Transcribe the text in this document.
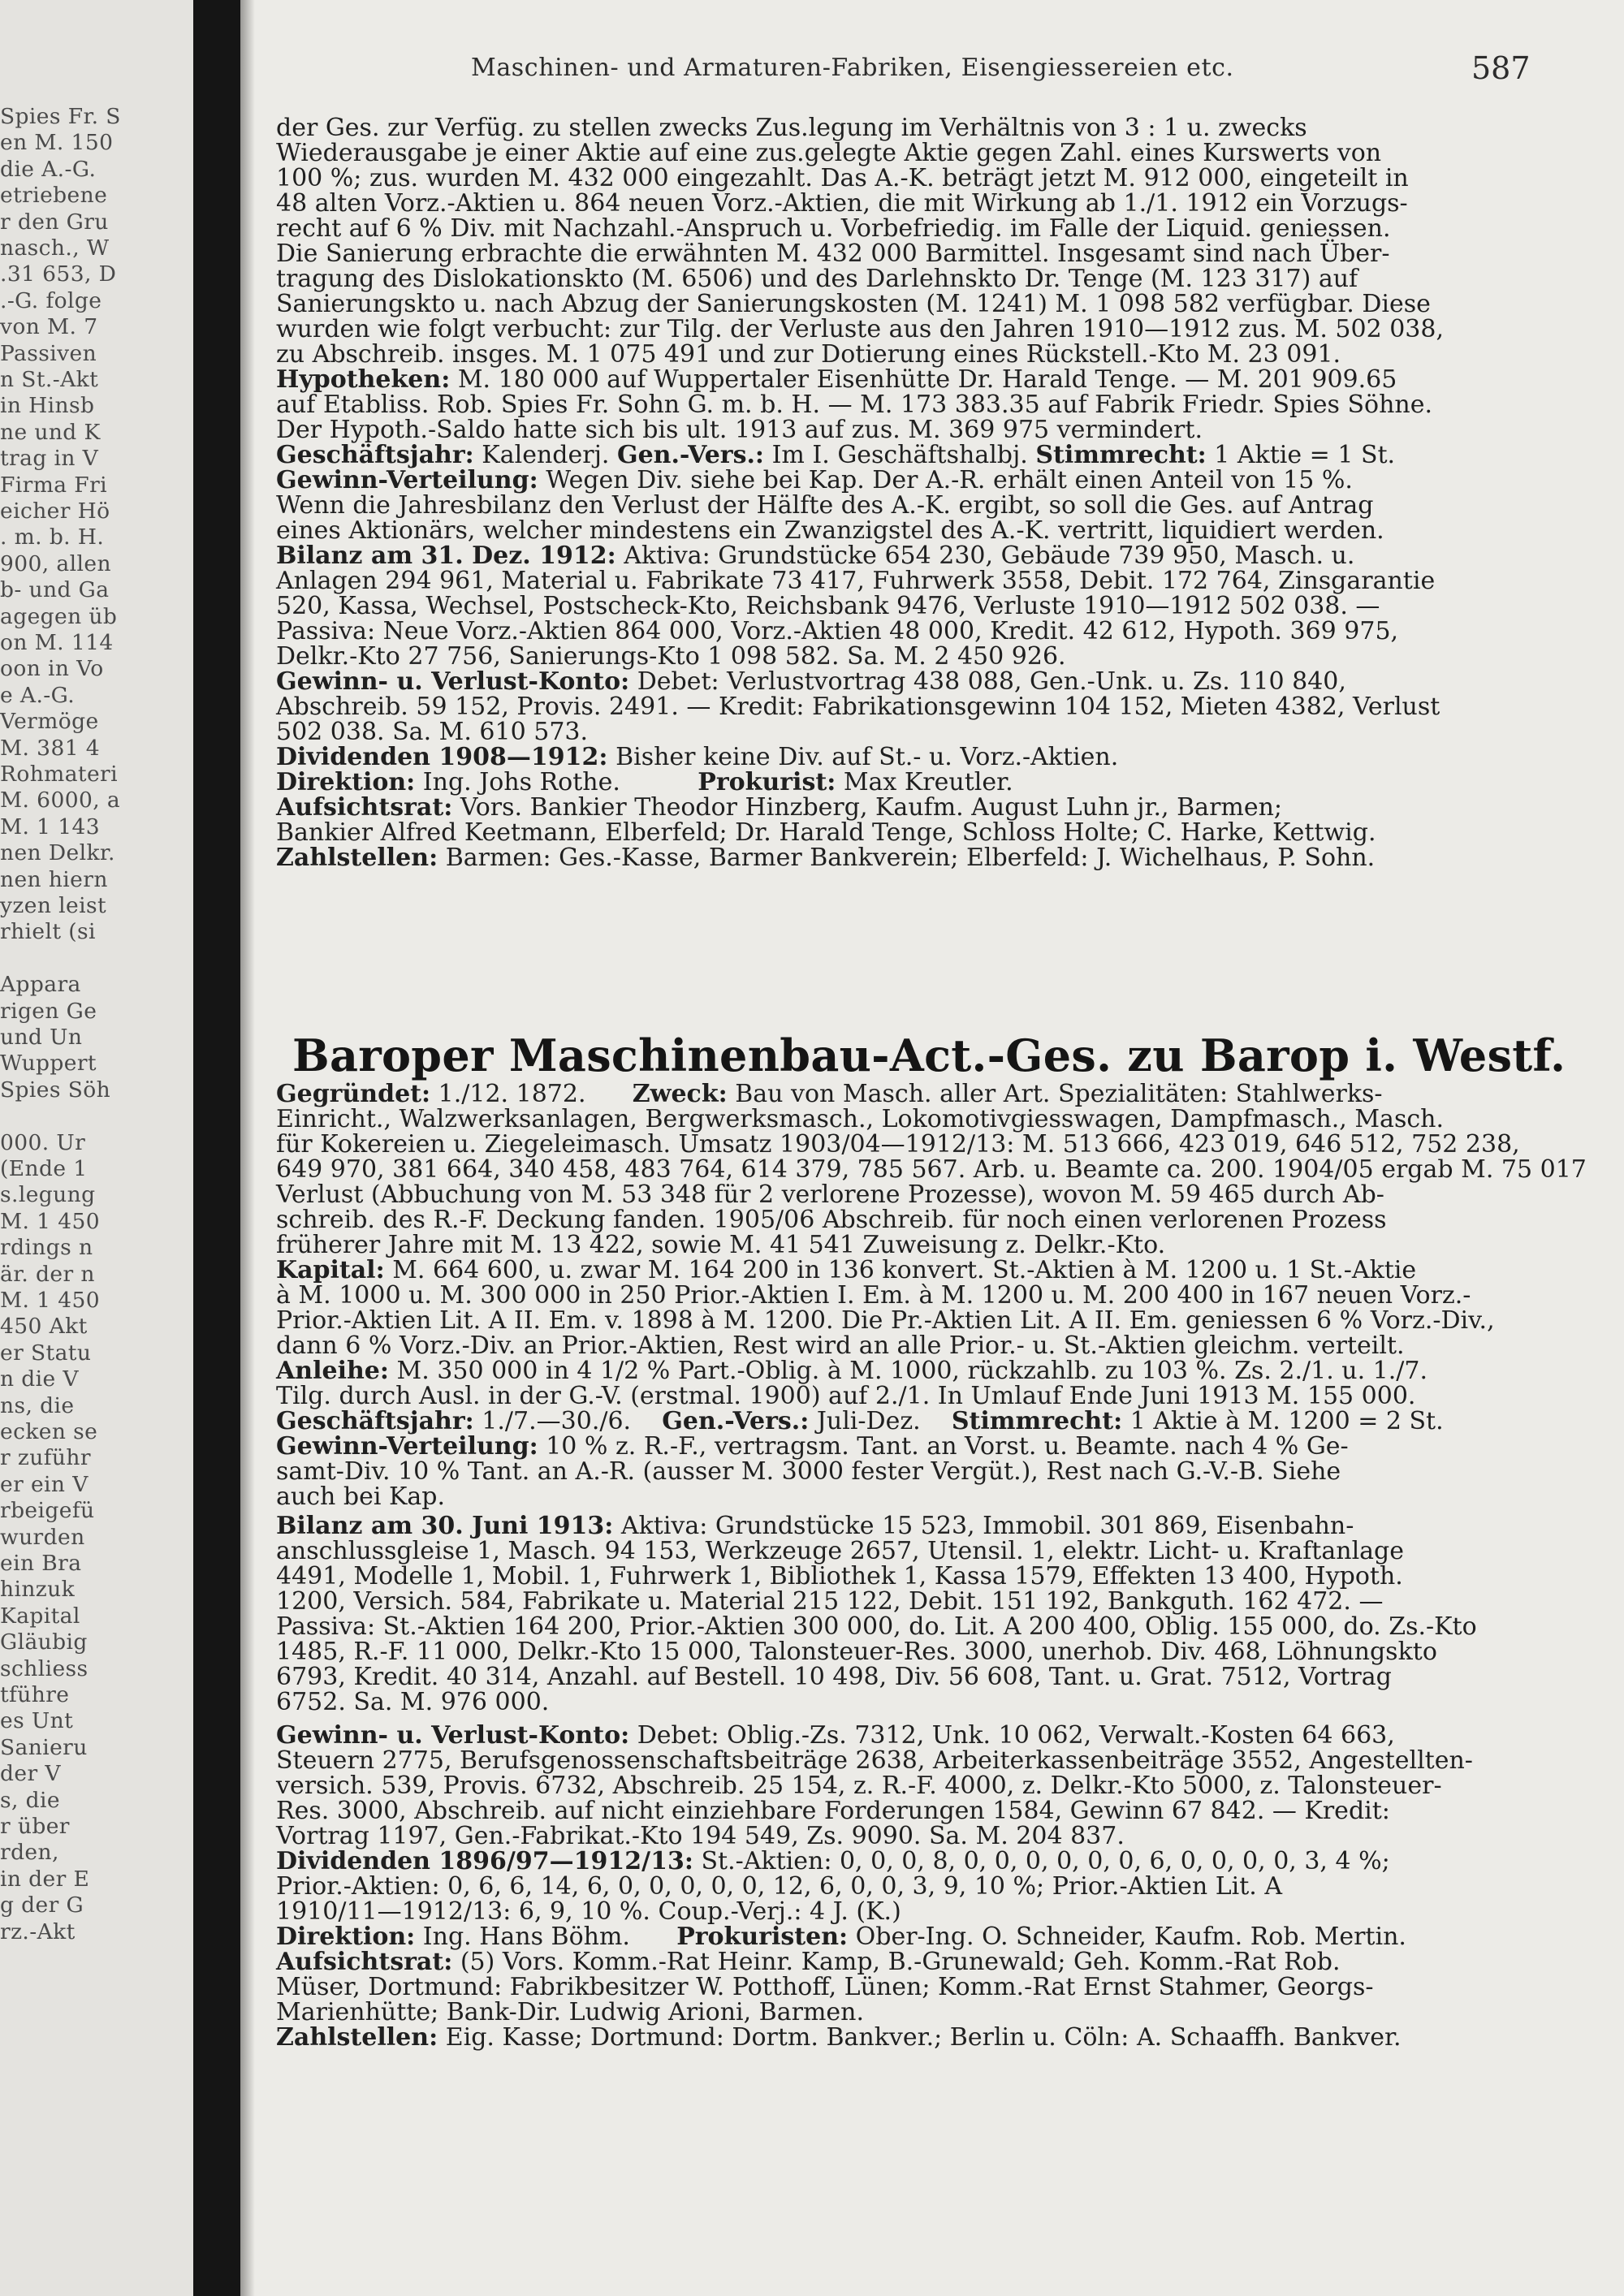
Spies Fr. S
en M. 150
die A.-G.
etriebene
r den Gru
nasch., W
.31 653, D
.-G. folge
von M. 7
Passiven
n St.-Akt
in Hinsb
ne und K
trag in V
Firma Fri
eicher Hö
. m. b. H.
900, allen
b- und Ga
agegen üb
on M. 114
oon in Vo
e A.-G.
Vermöge
M. 381 4
Rohmateri
M. 6000, a
M. 1 143
nen Delkr.
nen hiern
yzen leist
rhielt (si
Appara
rigen Ge
und Un
Wuppert
Spies Söh
000. Ur
(Ende 1
s.legung
M. 1 450
rdings n
är. der n
M. 1 450
450 Akt
er Statu
n die V
ns, die
ecken se
r zuführ
er ein V
rbeigefü
wurden
ein Bra
hinzuk
Kapital
Gläubig
schliess
tführe
es Unt
Sanieru
der V
s, die
r über
rden,
in der E
g der G
rz.-Akt
Maschinen- und Armaturen-Fabriken, Eisengiessereien etc.	587
der Ges. zur Verfüg. zu stellen zwecks Zus.legung im Verhältnis von 3 : 1 u. zwecks
Wiederausgabe je einer Aktie auf eine zus.gelegte Aktie gegen Zahl. eines Kurswerts von
100 %; zus. wurden M. 432 000 eingezahlt. Das A.-K. beträgt jetzt M. 912 000, eingeteilt in
48 alten Vorz.-Aktien u. 864 neuen Vorz.-Aktien, die mit Wirkung ab 1./1. 1912 ein Vorzugs-
recht auf 6 % Div. mit Nachzahl.-Anspruch u. Vorbefriedig. im Falle der Liquid. geniessen.
Die Sanierung erbrachte die erwähnten M. 432 000 Barmittel. Insgesamt sind nach Über-
tragung des Dislokationskto (M. 6506) und des Darlehnskto Dr. Tenge (M. 123 317) auf
Sanierungskto u. nach Abzug der Sanierungskosten (M. 1241) M. 1 098 582 verfügbar. Diese
wurden wie folgt verbucht: zur Tilg. der Verluste aus den Jahren 1910—1912 zus. M. 502 038,
zu Abschreib. insges. M. 1 075 491 und zur Dotierung eines Rückstell.-Kto M. 23 091.
Hypotheken: M. 180 000 auf Wuppertaler Eisenhütte Dr. Harald Tenge. — M. 201 909.65
auf Etabliss. Rob. Spies Fr. Sohn G. m. b. H. — M. 173 383.35 auf Fabrik Friedr. Spies Söhne.
Der Hypoth.-Saldo hatte sich bis ult. 1913 auf zus. M. 369 975 vermindert.
Geschäftsjahr: Kalenderj. Gen.-Vers.: Im I. Geschäftshalbj. Stimmrecht: 1 Aktie = 1 St.
Gewinn-Verteilung: Wegen Div. siehe bei Kap. Der A.-R. erhält einen Anteil von 15 %.
Wenn die Jahresbilanz den Verlust der Hälfte des A.-K. ergibt, so soll die Ges. auf Antrag
eines Aktionärs, welcher mindestens ein Zwanzigstel des A.-K. vertritt, liquidiert werden.
Bilanz am 31. Dez. 1912: Aktiva: Grundstücke 654 230, Gebäude 739 950, Masch. u.
Anlagen 294 961, Material u. Fabrikate 73 417, Fuhrwerk 3558, Debit. 172 764, Zinsgarantie
520, Kassa, Wechsel, Postscheck-Kto, Reichsbank 9476, Verluste 1910—1912 502 038. —
Passiva: Neue Vorz.-Aktien 864 000, Vorz.-Aktien 48 000, Kredit. 42 612, Hypoth. 369 975,
Delkr.-Kto 27 756, Sanierungs-Kto 1 098 582. Sa. M. 2 450 926.
Gewinn- u. Verlust-Konto: Debet: Verlustvortrag 438 088, Gen.-Unk. u. Zs. 110 840,
Abschreib. 59 152, Provis. 2491. — Kredit: Fabrikationsgewinn 104 152, Mieten 4382, Verlust
502 038. Sa. M. 610 573.
Dividenden 1908—1912: Bisher keine Div. auf St.- u. Vorz.-Aktien.
Direktion: Ing. Johs Rothe.	Prokurist: Max Kreutler.
Aufsichtsrat: Vors. Bankier Theodor Hinzberg, Kaufm. August Luhn jr., Barmen;
Bankier Alfred Keetmann, Elberfeld; Dr. Harald Tenge, Schloss Holte; C. Harke, Kettwig.
Zahlstellen: Barmen: Ges.-Kasse, Barmer Bankverein; Elberfeld: J. Wichelhaus, P. Sohn.
Baroper Maschinenbau-Act.-Ges. zu Barop i. Westf.
Gegründet: 1./12. 1872. Zweck: Bau von Masch. aller Art. Spezialitäten: Stahlwerks-
Einricht., Walzwerksanlagen, Bergwerksmasch., Lokomotivgiesswagen, Dampfmasch., Masch.
für Kokereien u. Ziegeleimasch. Umsatz 1903/04—1912/13: M. 513 666, 423 019, 646 512, 752 238,
649 970, 381 664, 340 458, 483 764, 614 379, 785 567. Arb. u. Beamte ca. 200. 1904/05 ergab M. 75 017
Verlust (Abbuchung von M. 53 348 für 2 verlorene Prozesse), wovon M. 59 465 durch Ab-
schreib. des R.-F. Deckung fanden. 1905/06 Abschreib. für noch einen verlorenen Prozess
früherer Jahre mit M. 13 422, sowie M. 41 541 Zuweisung z. Delkr.-Kto.
Kapital: M. 664 600, u. zwar M. 164 200 in 136 konvert. St.-Aktien à M. 1200 u. 1 St.-Aktie
à M. 1000 u. M. 300 000 in 250 Prior.-Aktien I. Em. à M. 1200 u. M. 200 400 in 167 neuen Vorz.-
Prior.-Aktien Lit. A II. Em. v. 1898 à M. 1200. Die Pr.-Aktien Lit. A II. Em. geniessen 6 % Vorz.-Div.,
dann 6 % Vorz.-Div. an Prior.-Aktien, Rest wird an alle Prior.- u. St.-Aktien gleichm. verteilt.
Anleihe: M. 350 000 in 4 1/2 % Part.-Oblig. à M. 1000, rückzahlb. zu 103 %. Zs. 2./1. u. 1./7.
Tilg. durch Ausl. in der G.-V. (erstmal. 1900) auf 2./1. In Umlauf Ende Juni 1913 M. 155 000.
Geschäftsjahr: 1./7.—30./6. Gen.-Vers.: Juli-Dez. Stimmrecht: 1 Aktie à M. 1200 = 2 St.
Gewinn-Verteilung: 10 % z. R.-F., vertragsm. Tant. an Vorst. u. Beamte. nach 4 % Ge-
samt-Div. 10 % Tant. an A.-R. (ausser M. 3000 fester Vergüt.), Rest nach G.-V.-B. Siehe
auch bei Kap.
Bilanz am 30. Juni 1913: Aktiva: Grundstücke 15 523, Immobil. 301 869, Eisenbahn-
anschlussgleise 1, Masch. 94 153, Werkzeuge 2657, Utensil. 1, elektr. Licht- u. Kraftanlage
4491, Modelle 1, Mobil. 1, Fuhrwerk 1, Bibliothek 1, Kassa 1579, Effekten 13 400, Hypoth.
1200, Versich. 584, Fabrikate u. Material 215 122, Debit. 151 192, Bankguth. 162 472. —
Passiva: St.-Aktien 164 200, Prior.-Aktien 300 000, do. Lit. A 200 400, Oblig. 155 000, do. Zs.-Kto
1485, R.-F. 11 000, Delkr.-Kto 15 000, Talonsteuer-Res. 3000, unerhob. Div. 468, Löhnungskto
6793, Kredit. 40 314, Anzahl. auf Bestell. 10 498, Div. 56 608, Tant. u. Grat. 7512, Vortrag
6752. Sa. M. 976 000.
Gewinn- u. Verlust-Konto: Debet: Oblig.-Zs. 7312, Unk. 10 062, Verwalt.-Kosten 64 663,
Steuern 2775, Berufsgenossenschaftsbeiträge 2638, Arbeiterkassenbeiträge 3552, Angestellten-
versich. 539, Provis. 6732, Abschreib. 25 154, z. R.-F. 4000, z. Delkr.-Kto 5000, z. Talonsteuer-
Res. 3000, Abschreib. auf nicht einziehbare Forderungen 1584, Gewinn 67 842. — Kredit:
Vortrag 1197, Gen.-Fabrikat.-Kto 194 549, Zs. 9090. Sa. M. 204 837.
Dividenden 1896/97—1912/13: St.-Aktien: 0, 0, 0, 8, 0, 0, 0, 0, 0, 0, 6, 0, 0, 0, 0, 3, 4 %;
Prior.-Aktien: 0, 6, 6, 14, 6, 0, 0, 0, 0, 0, 12, 6, 0, 0, 3, 9, 10 %; Prior.-Aktien Lit. A
1910/11—1912/13: 6, 9, 10 %. Coup.-Verj.: 4 J. (K.)
Direktion: Ing. Hans Böhm. Prokuristen: Ober-Ing. O. Schneider, Kaufm. Rob. Mertin.
Aufsichtsrat: (5) Vors. Komm.-Rat Heinr. Kamp, B.-Grunewald; Geh. Komm.-Rat Rob.
Müser, Dortmund: Fabrikbesitzer W. Potthoff, Lünen; Komm.-Rat Ernst Stahmer, Georgs-
Marienhütte; Bank-Dir. Ludwig Arioni, Barmen.
Zahlstellen: Eig. Kasse; Dortmund: Dortm. Bankver.; Berlin u. Cöln: A. Schaaffh. Bankver.
